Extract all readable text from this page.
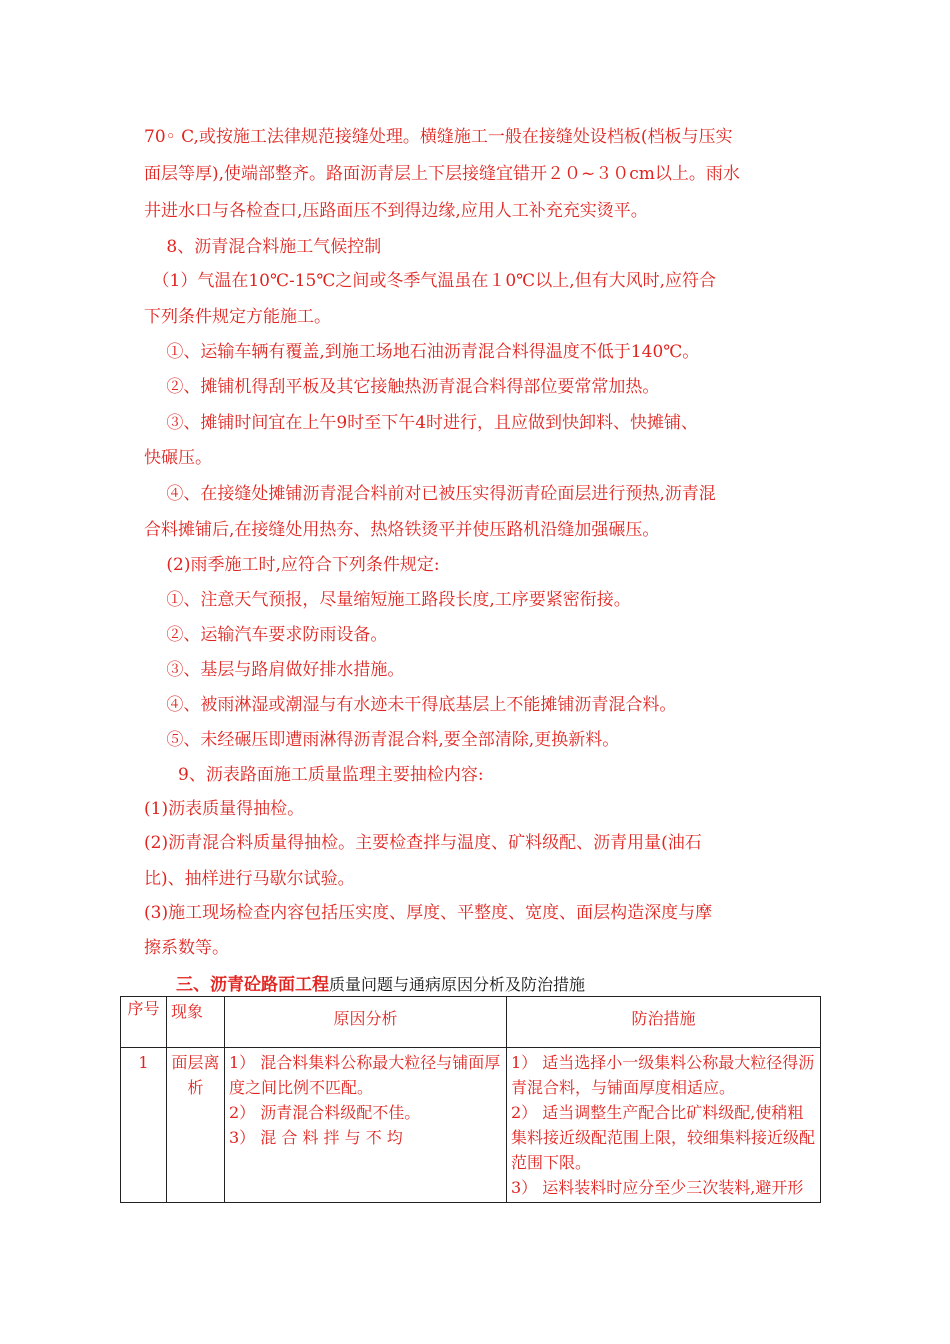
70◦ C,或按施工法律规范接缝处理。横缝施工一般在接缝处设档板(档板与压实
面层等厚),使端部整齐。路面沥青层上下层接缝宜错开２０~３０cm以上。雨水
井进水口与各检查口,压路面压不到得边缘,应用人工补充充实烫平。
　 8、沥青混合料施工气候控制
　（1）气温在10℃-15℃之间或冬季气温虽在１0℃以上,但有大风时,应符合
下列条件规定方能施工。
　 ①、运输车辆有覆盖,到施工场地石油沥青混合料得温度不低于140℃。
　 ②、摊铺机得刮平板及其它接触热沥青混合料得部位要常常加热。
　 ③、摊铺时间宜在上午9时至下午4时进行，且应做到快卸料、快摊铺、
快碾压。
　 ④、在接缝处摊铺沥青混合料前对已被压实得沥青砼面层进行预热,沥青混
合料摊铺后,在接缝处用热夯、热烙铁烫平并使压路机沿缝加强碾压。
　 (2)雨季施工时,应符合下列条件规定:
　 ①、注意天气预报，尽量缩短施工路段长度,工序要紧密衔接。
　 ②、运输汽车要求防雨设备。
　 ③、基层与路肩做好排水措施。
　 ④、被雨淋湿或潮湿与有水迹未干得底基层上不能摊铺沥青混合料。
　 ⑤、未经碾压即遭雨淋得沥青混合料,要全部清除,更换新料。
　　9、沥表路面施工质量监理主要抽检内容:
(1)沥表质量得抽检。
(2)沥青混合料质量得抽检。主要检查拌与温度、矿料级配、沥青用量(油石
比)、抽样进行马歇尔试验。
(3)施工现场检查内容包括压实度、厚度、平整度、宽度、面层构造深度与摩
擦系数等。
三、沥青砼路面工程质量问题与通病原因分析及防治措施
序号	现象	原因分析	防治措施
1	面层离析	1） 混合料集料公称最大粒径与铺面厚度之间比例不匹配。
2） 沥青混合料级配不佳。
3） 混 合 料 拌 与 不 均	1） 适当选择小一级集料公称最大粒径得沥青混合料，与铺面厚度相适应。
2） 适当调整生产配合比矿料级配,使稍粗集料接近级配范围上限，较细集料接近级配范围下限。
3） 运料装料时应分至少三次装料,避开形
